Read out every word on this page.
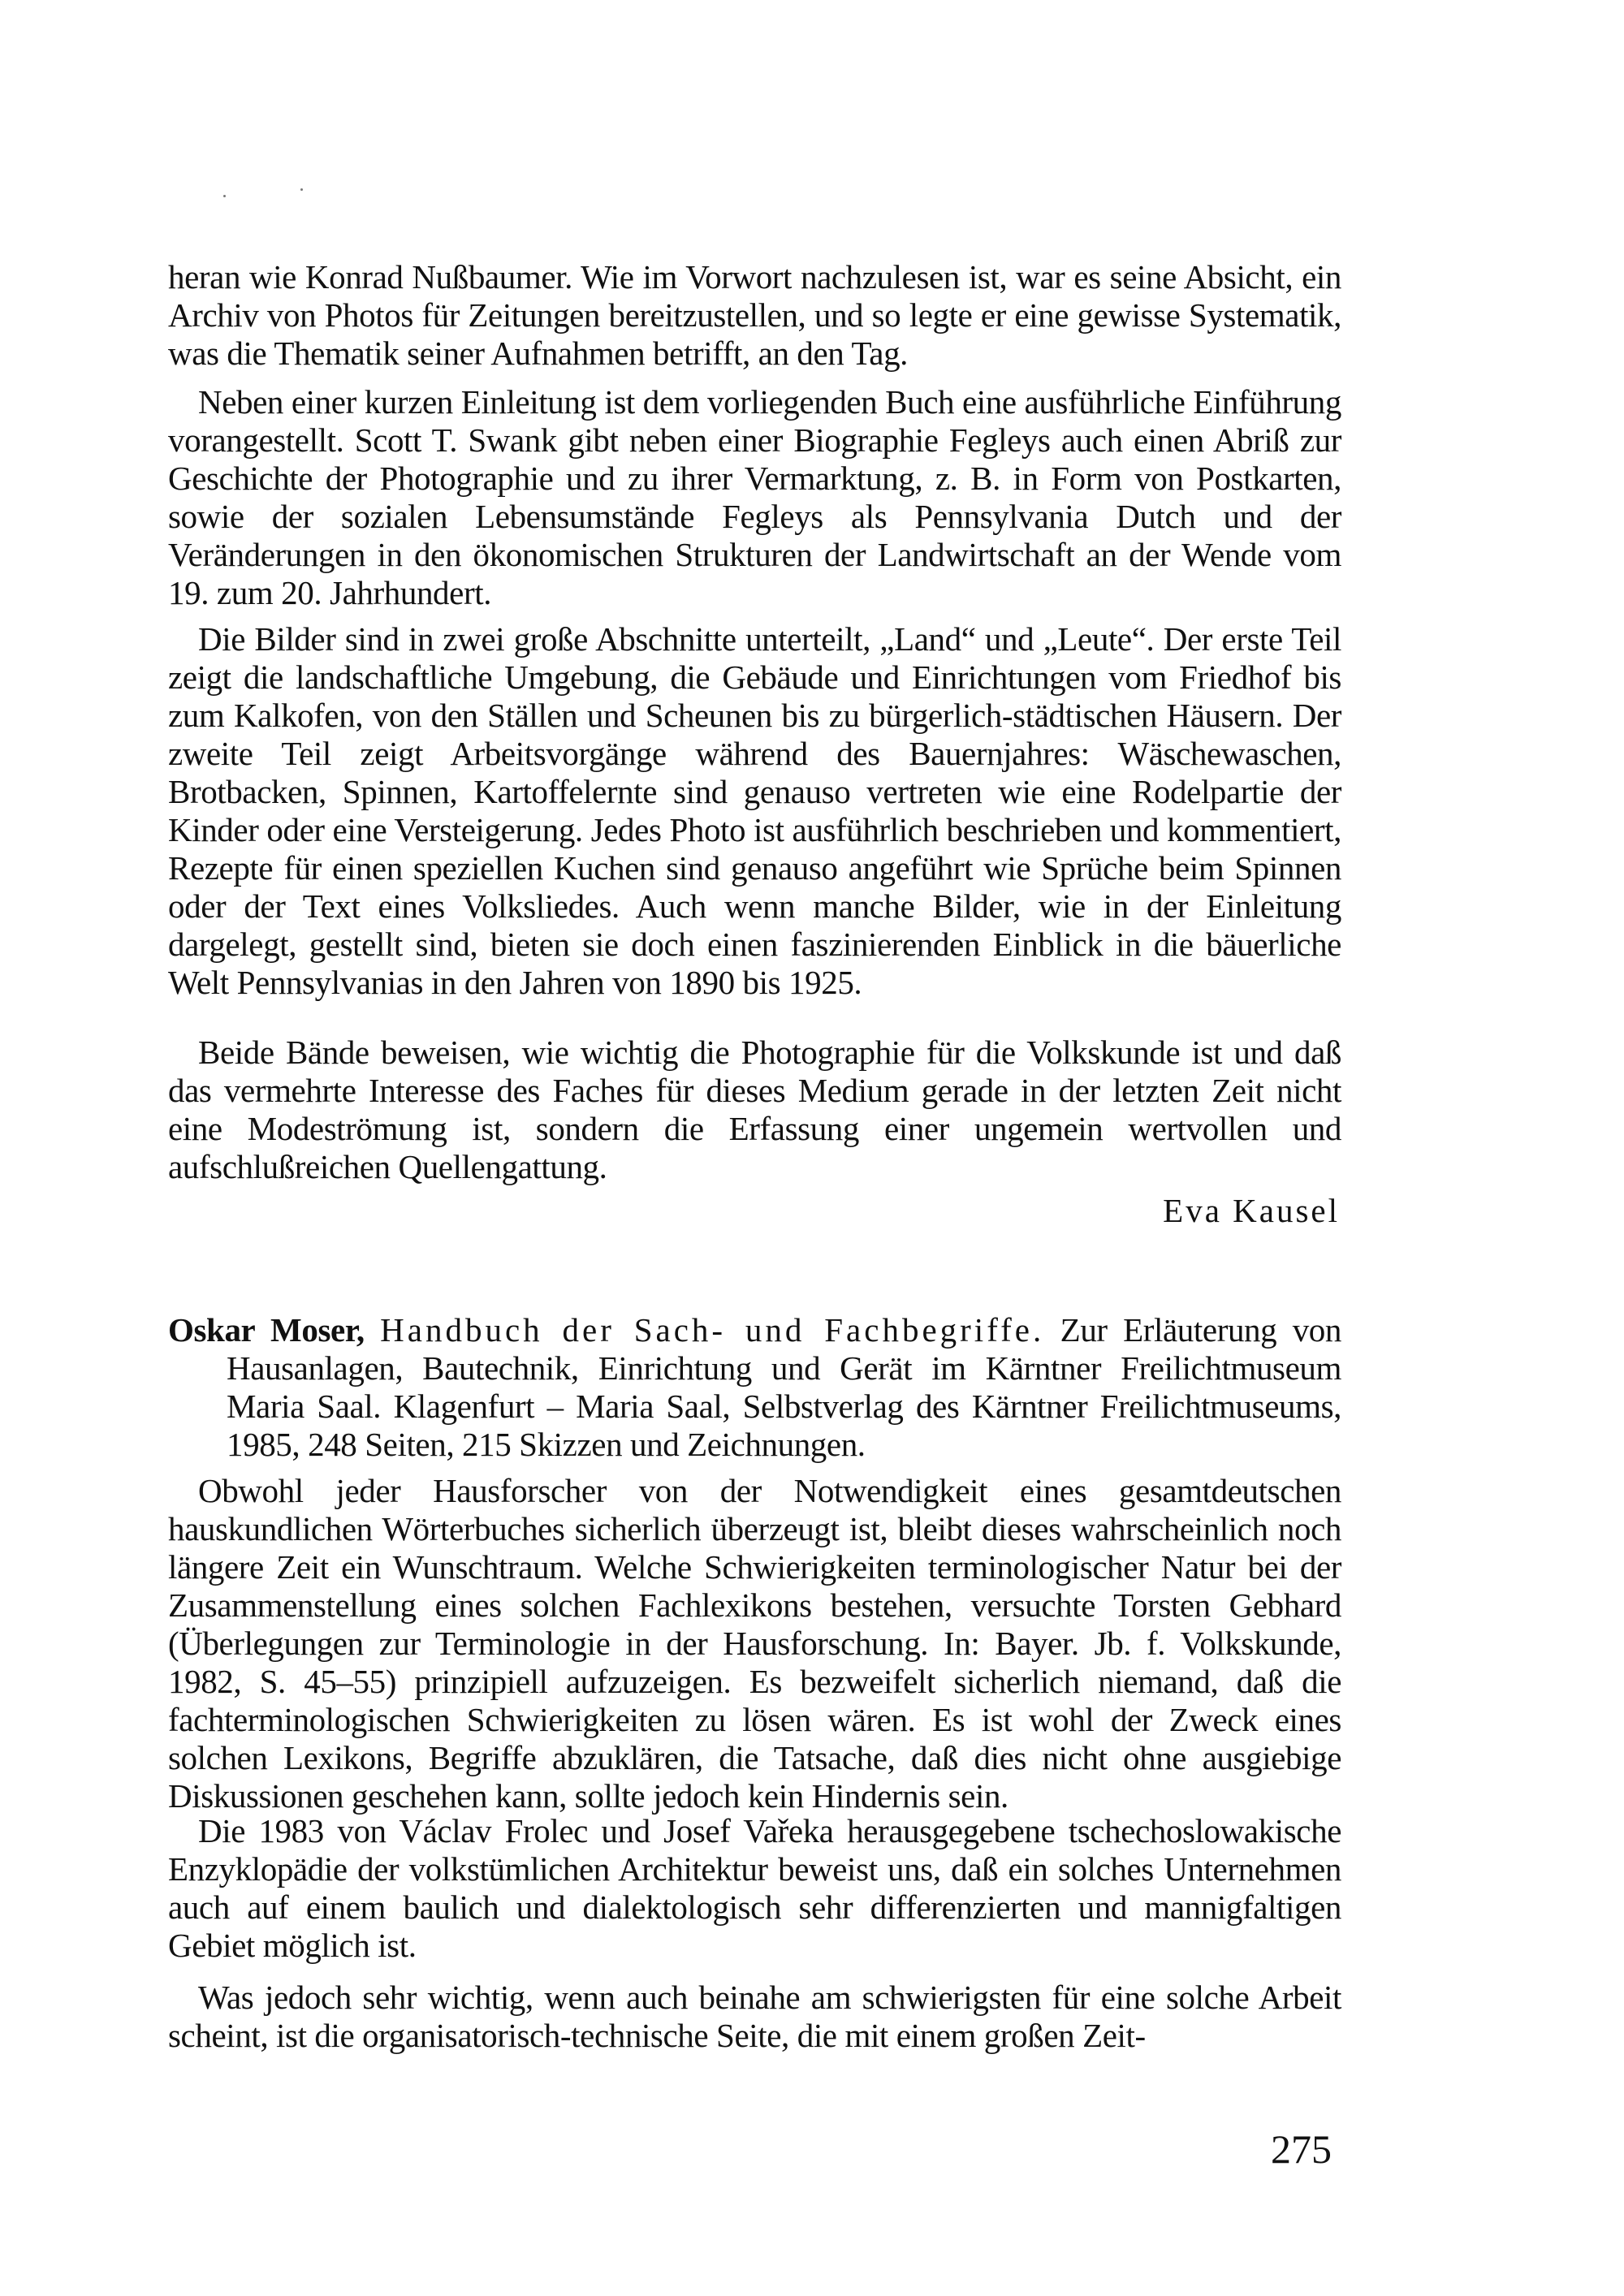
heran wie Konrad Nußbaumer. Wie im Vorwort nachzulesen ist, war es seine Absicht, ein Archiv von Photos für Zeitungen bereitzustellen, und so legte er eine gewisse Systematik, was die Thematik seiner Aufnahmen betrifft, an den Tag.

Neben einer kurzen Einleitung ist dem vorliegenden Buch eine ausführliche Einführung vorangestellt. Scott T. Swank gibt neben einer Biographie Fegleys auch einen Abriß zur Geschichte der Photographie und zu ihrer Vermarktung, z. B. in Form von Postkarten, sowie der sozialen Lebensumstände Fegleys als Pennsylvania Dutch und der Veränderungen in den ökonomischen Strukturen der Landwirtschaft an der Wende vom 19. zum 20. Jahrhundert.

Die Bilder sind in zwei große Abschnitte unterteilt, „Land“ und „Leute“. Der erste Teil zeigt die landschaftliche Umgebung, die Gebäude und Einrichtungen vom Friedhof bis zum Kalkofen, von den Ställen und Scheunen bis zu bürgerlich-städtischen Häusern. Der zweite Teil zeigt Arbeitsvorgänge während des Bauernjahres: Wäschewaschen, Brotbacken, Spinnen, Kartoffelernte sind genauso vertreten wie eine Rodelpartie der Kinder oder eine Versteigerung. Jedes Photo ist ausführlich beschrieben und kommentiert, Rezepte für einen speziellen Kuchen sind genauso angeführt wie Sprüche beim Spinnen oder der Text eines Volksliedes. Auch wenn manche Bilder, wie in der Einleitung dargelegt, gestellt sind, bieten sie doch einen faszinierenden Einblick in die bäuerliche Welt Pennsylvanias in den Jahren von 1890 bis 1925.

Beide Bände beweisen, wie wichtig die Photographie für die Volkskunde ist und daß das vermehrte Interesse des Faches für dieses Medium gerade in der letzten Zeit nicht eine Modeströmung ist, sondern die Erfassung einer ungemein wertvollen und aufschlußreichen Quellengattung.

Eva Kausel

Oskar Moser, Handbuch der Sach- und Fachbegriffe. Zur Erläuterung von Hausanlagen, Bautechnik, Einrichtung und Gerät im Kärntner Freilichtmuseum Maria Saal. Klagenfurt – Maria Saal, Selbstverlag des Kärntner Freilichtmuseums, 1985, 248 Seiten, 215 Skizzen und Zeichnungen.

Obwohl jeder Hausforscher von der Notwendigkeit eines gesamtdeutschen hauskundlichen Wörterbuches sicherlich überzeugt ist, bleibt dieses wahrscheinlich noch längere Zeit ein Wunschtraum. Welche Schwierigkeiten terminologischer Natur bei der Zusammenstellung eines solchen Fachlexikons bestehen, versuchte Torsten Gebhard (Überlegungen zur Terminologie in der Hausforschung. In: Bayer. Jb. f. Volkskunde, 1982, S. 45–55) prinzipiell aufzuzeigen. Es bezweifelt sicherlich niemand, daß die fachterminologischen Schwierigkeiten zu lösen wären. Es ist wohl der Zweck eines solchen Lexikons, Begriffe abzuklären, die Tatsache, daß dies nicht ohne ausgiebige Diskussionen geschehen kann, sollte jedoch kein Hindernis sein.

Die 1983 von Václav Frolec und Josef Vařeka herausgegebene tschechoslowakische Enzyklopädie der volkstümlichen Architektur beweist uns, daß ein solches Unternehmen auch auf einem baulich und dialektologisch sehr differenzierten und mannigfaltigen Gebiet möglich ist.

Was jedoch sehr wichtig, wenn auch beinahe am schwierigsten für eine solche Arbeit scheint, ist die organisatorisch-technische Seite, die mit einem großen Zeit-

275
